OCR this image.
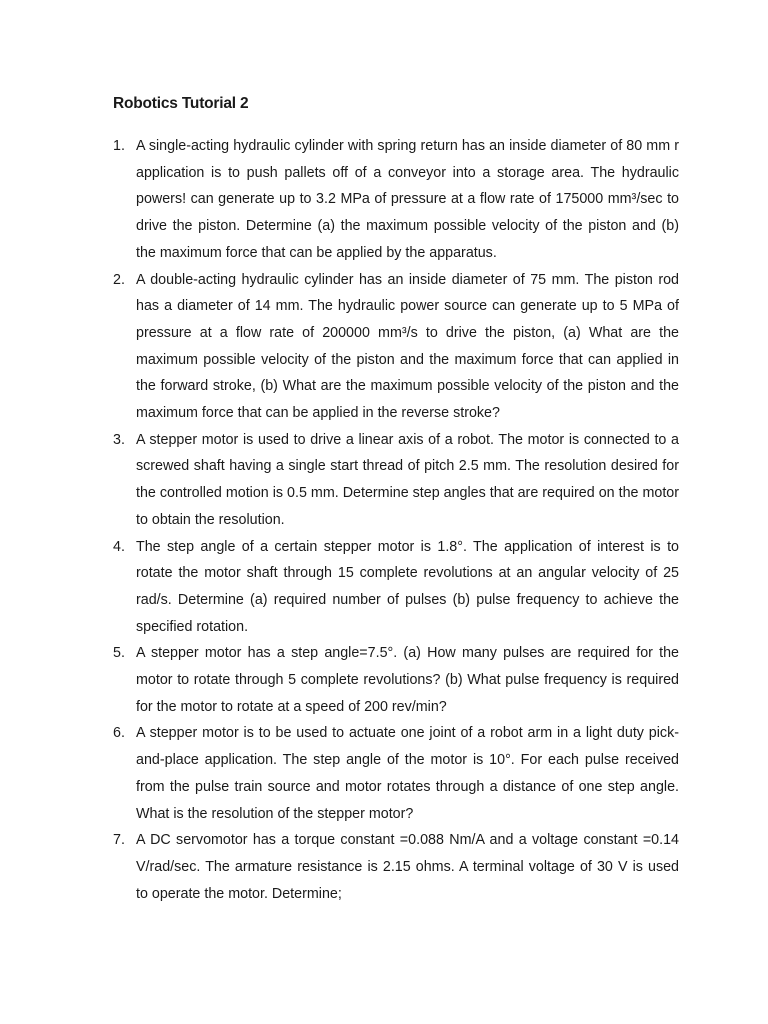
Robotics Tutorial 2
1. A single-acting hydraulic cylinder with spring return has an inside diameter of 80 mm r application is to push pallets off of a conveyor into a storage area. The hydraulic powers! can generate up to 3.2 MPa of pressure at a flow rate of 175000 mm³/sec to drive the piston. Determine (a) the maximum possible velocity of the piston and (b) the maximum force that can be applied by the apparatus.
2. A double-acting hydraulic cylinder has an inside diameter of 75 mm. The piston rod has a diameter of 14 mm. The hydraulic power source can generate up to 5 MPa of pressure at a flow rate of 200000 mm³/s to drive the piston, (a) What are the maximum possible velocity of the piston and the maximum force that can applied in the forward stroke, (b) What are the maximum possible velocity of the piston and the maximum force that can be applied in the reverse stroke?
3. A stepper motor is used to drive a linear axis of a robot. The motor is connected to a screwed shaft having a single start thread of pitch 2.5 mm. The resolution desired for the controlled motion is 0.5 mm. Determine step angles that are required on the motor to obtain the resolution.
4. The step angle of a certain stepper motor is 1.8°. The application of interest is to rotate the motor shaft through 15 complete revolutions at an angular velocity of 25 rad/s. Determine (a) required number of pulses (b) pulse frequency to achieve the specified rotation.
5. A stepper motor has a step angle=7.5°. (a) How many pulses are required for the motor to rotate through 5 complete revolutions? (b) What pulse frequency is required for the motor to rotate at a speed of 200 rev/min?
6. A stepper motor is to be used to actuate one joint of a robot arm in a light duty pick-and-place application. The step angle of the motor is 10°. For each pulse received from the pulse train source and motor rotates through a distance of one step angle. What is the resolution of the stepper motor?
7. A DC servomotor has a torque constant =0.088 Nm/A and a voltage constant =0.14 V/rad/sec. The armature resistance is 2.15 ohms. A terminal voltage of 30 V is used to operate the motor. Determine;
